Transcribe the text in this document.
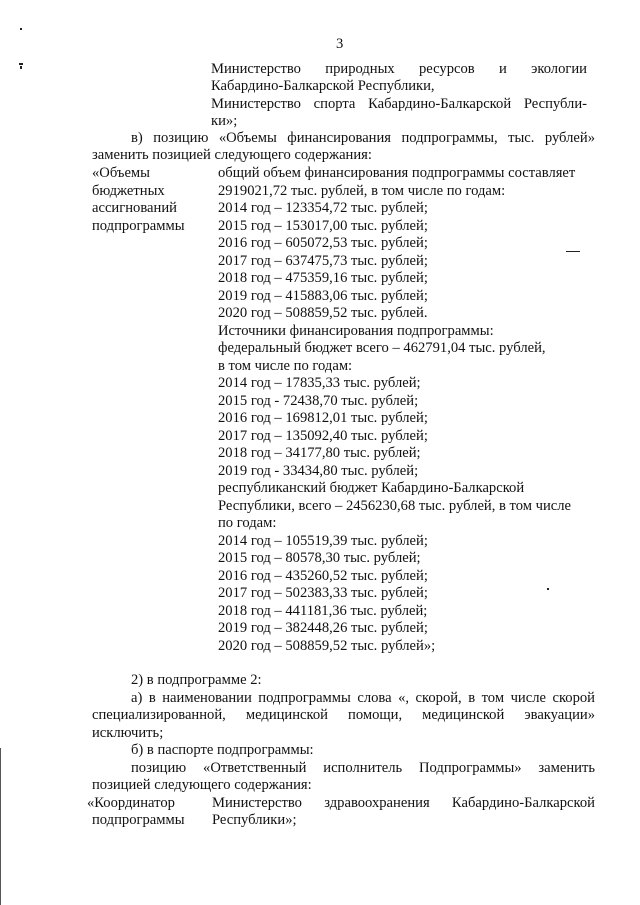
3
Министерство природных ресурсов и экологии
Кабардино-Балкарской Республики,
Министерство спорта Кабардино-Балкарской Республи-
ки»;
в) позицию «Объемы финансирования подпрограммы, тыс. рублей»
заменить позицией следующего содержания:
«Объемы
бюджетных
ассигнований
подпрограммы
общий объем финансирования подпрограммы составляет
2919021,72 тыс. рублей, в том числе по годам:
2014 год – 123354,72 тыс. рублей;
2015 год – 153017,00 тыс. рублей;
2016 год – 605072,53 тыс. рублей;
2017 год – 637475,73 тыс. рублей;
2018 год – 475359,16 тыс. рублей;
2019 год – 415883,06 тыс. рублей;
2020 год – 508859,52 тыс. рублей.
Источники финансирования подпрограммы:
федеральный бюджет всего – 462791,04 тыс. рублей,
в том числе по годам:
2014 год – 17835,33 тыс. рублей;
2015 год - 72438,70 тыс. рублей;
2016 год – 169812,01 тыс. рублей;
2017 год – 135092,40 тыс. рублей;
2018 год – 34177,80 тыс. рублей;
2019 год - 33434,80 тыс. рублей;
республиканский бюджет Кабардино-Балкарской
Республики, всего – 2456230,68 тыс. рублей, в том числе
по годам:
2014 год – 105519,39 тыс. рублей;
2015 год – 80578,30 тыс. рублей;
2016 год – 435260,52 тыс. рублей;
2017 год – 502383,33 тыс. рублей;
2018 год – 441181,36 тыс. рублей;
2019 год – 382448,26 тыс. рублей;
2020 год – 508859,52 тыс. рублей»;
2) в подпрограмме 2:
а) в наименовании подпрограммы слова «, скорой, в том числе скорой
специализированной, медицинской помощи, медицинской эвакуации»
исключить;
б) в паспорте подпрограммы:
позицию «Ответственный исполнитель Подпрограммы» заменить
позицией следующего содержания:
«Координатор
подпрограммы
Министерство здравоохранения Кабардино-Балкарской
Республики»;
